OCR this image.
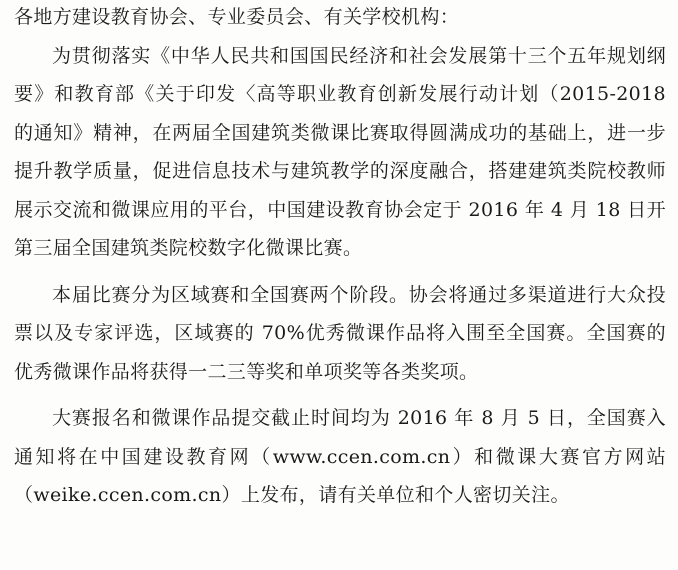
各地方建设教育协会、专业委员会、有关学校机构：
为贯彻落实《中华人民共和国国民经济和社会发展第十三个五年规划纲
要》和教育部《关于印发〈高等职业教育创新发展行动计划（2015-2018
的通知》精神，在两届全国建筑类微课比赛取得圆满成功的基础上，进一步
提升教学质量，促进信息技术与建筑教学的深度融合，搭建建筑类院校教师
展示交流和微课应用的平台，中国建设教育协会定于 2016 年 4 月 18 日开
第三届全国建筑类院校数字化微课比赛。
本届比赛分为区域赛和全国赛两个阶段。协会将通过多渠道进行大众投
票以及专家评选，区域赛的 70%优秀微课作品将入围至全国赛。全国赛的
优秀微课作品将获得一二三等奖和单项奖等各类奖项。
大赛报名和微课作品提交截止时间均为 2016 年 8 月 5 日，全国赛入
通知将在中国建设教育网（www.ccen.com.cn）和微课大赛官方网站
（weike.ccen.com.cn）上发布，请有关单位和个人密切关注。
